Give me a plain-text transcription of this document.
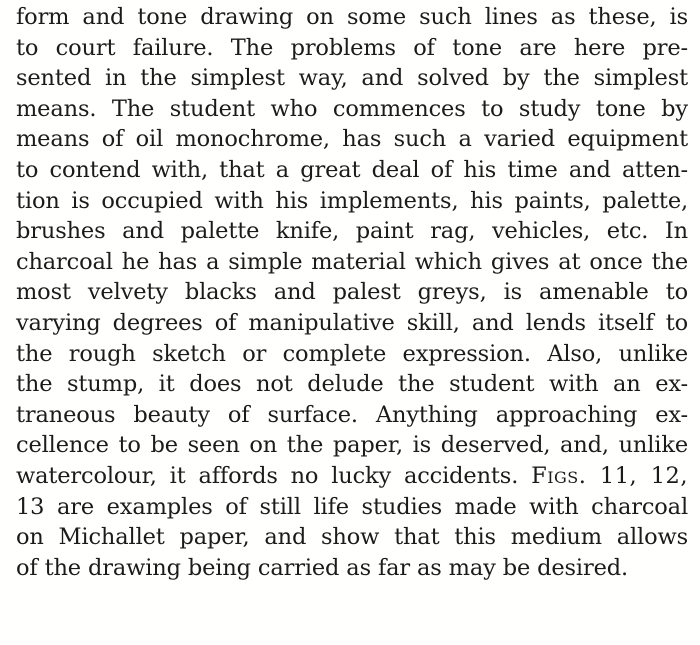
form and tone drawing on some such lines as these, is
to court failure. The problems of tone are here pre-
sented in the simplest way, and solved by the simplest
means. The student who commences to study tone by
means of oil monochrome, has such a varied equipment
to contend with, that a great deal of his time and atten-
tion is occupied with his implements, his paints, palette,
brushes and palette knife, paint rag, vehicles, etc. In
charcoal he has a simple material which gives at once the
most velvety blacks and palest greys, is amenable to
varying degrees of manipulative skill, and lends itself to
the rough sketch or complete expression. Also, unlike
the stump, it does not delude the student with an ex-
traneous beauty of surface. Anything approaching ex-
cellence to be seen on the paper, is deserved, and, unlike
watercolour, it affords no lucky accidents. Figs. 11, 12,
13 are examples of still life studies made with charcoal
on Michallet paper, and show that this medium allows
of the drawing being carried as far as may be desired.
